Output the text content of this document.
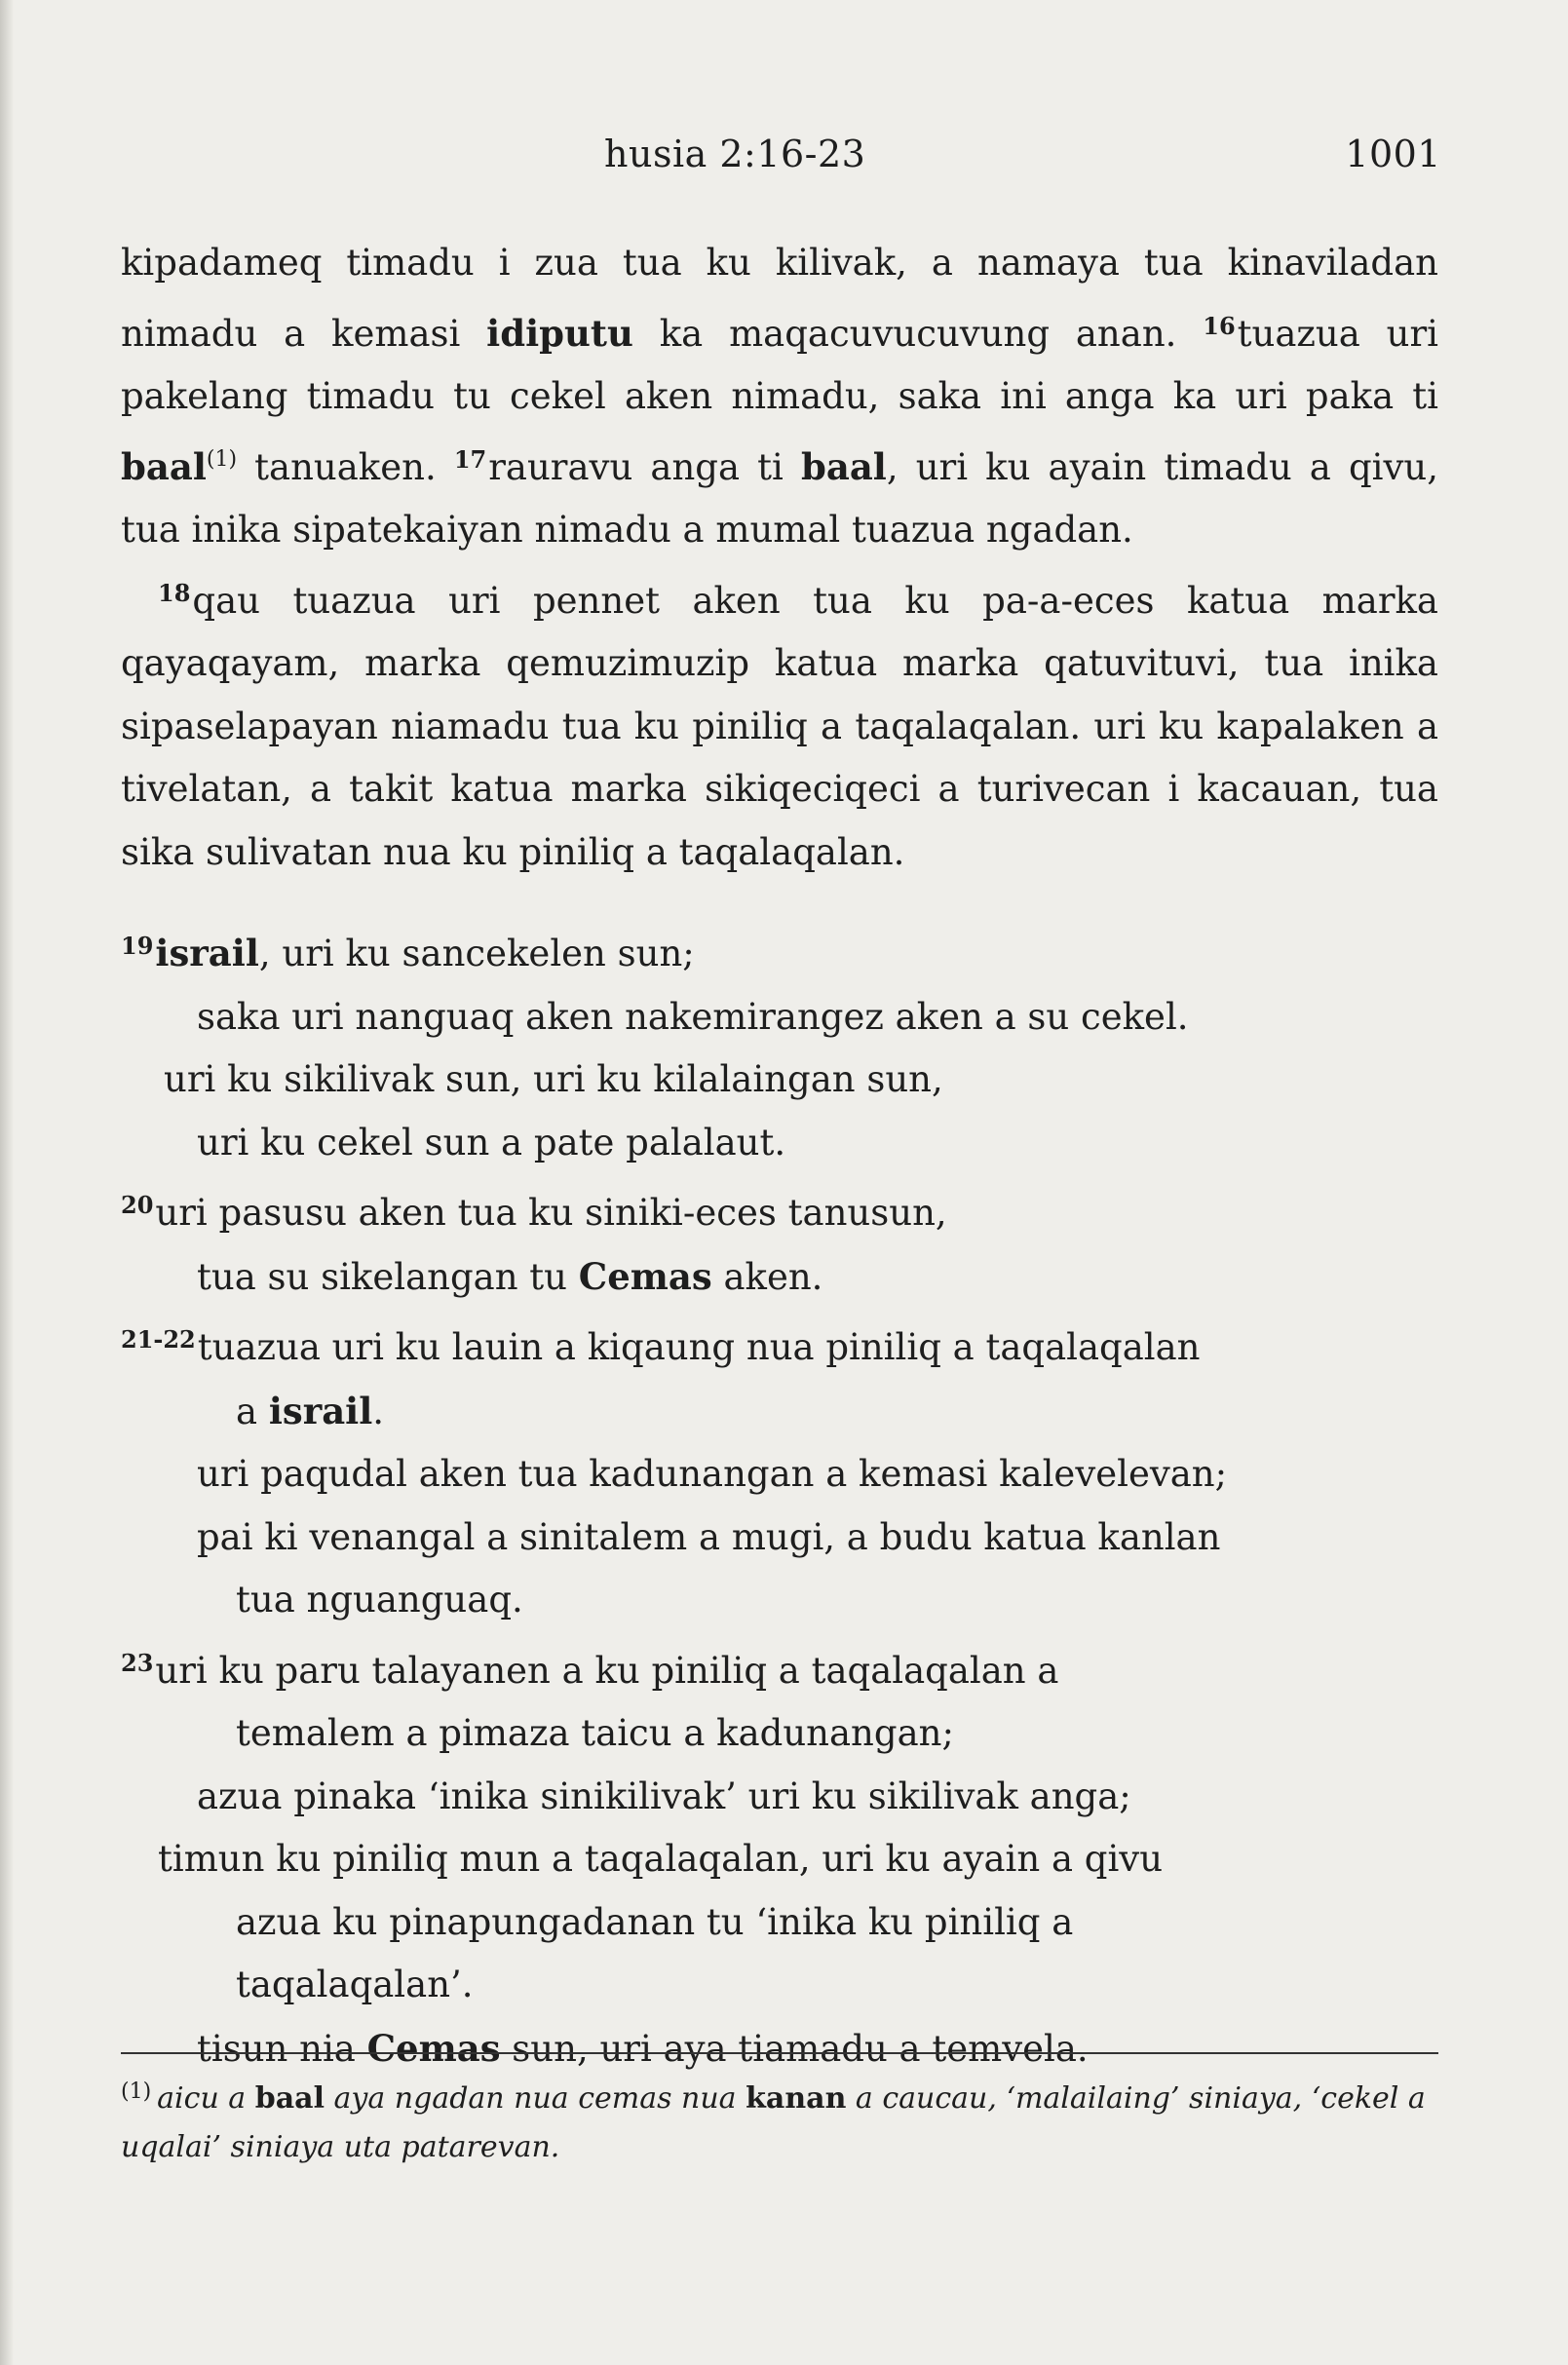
husia 2:16-23	1001

kipadameq timadu i zua tua ku kilivak, a namaya tua kinaviladan nimadu a kemasi idiputu ka maqacuvucuvung anan. $^{16}$tuazua uri pakelang timadu tu cekel aken nimadu, saka ini anga ka uri paka ti baal$^{(1)}$ tanuaken. $^{17}$rauravu anga ti baal, uri ku ayain timadu a qivu, tua inika sipatekaiyan nimadu a mumal tuazua ngadan.

$^{18}$qau tuazua uri pennet aken tua ku pa-a-eces katua marka qayaqayam, marka qemuzimuzip katua marka qatuvituvi, tua inika sipaselapayan niamadu tua ku piniliq a taqalaqalan. uri ku kapalaken a tivelatan, a takit katua marka sikiqeciqeci a turivecan i kacauan, tua sika sulivatan nua ku piniliq a taqalaqalan.

$^{19}$israil, uri ku sancekelen sun;
saka uri nanguaq aken nakemirangez aken a su cekel.
uri ku sikilivak sun, uri ku kilalaingan sun,
uri ku cekel sun a pate palalaut.
$^{20}$uri pasusu aken tua ku siniki-eces tanusun,
tua su sikelangan tu Cemas aken.
$^{21-22}$tuazua uri ku lauin a kiqaung nua piniliq a taqalaqalan
a israil.
uri paqudal aken tua kadunangan a kemasi kalevelevan;
pai ki venangal a sinitalem a mugi, a budu katua kanlan
tua nguanguaq.
$^{23}$uri ku paru talayanen a ku piniliq a taqalaqalan a
temalem a pimaza taicu a kadunangan;
azua pinaka ‘inika sinikilivak’ uri ku sikilivak anga;
timun ku piniliq mun a taqalaqalan, uri ku ayain a qivu
azua ku pinapungadanan tu ‘inika ku piniliq a
taqalaqalan’.
tisun nia Cemas sun, uri aya tiamadu a temvela.
$^{(1)}$ aicu a baal aya ngadan nua cemas nua kanan a caucau, ‘malailaing’ siniaya, ‘cekel a uqalai’ siniaya uta patarevan.
